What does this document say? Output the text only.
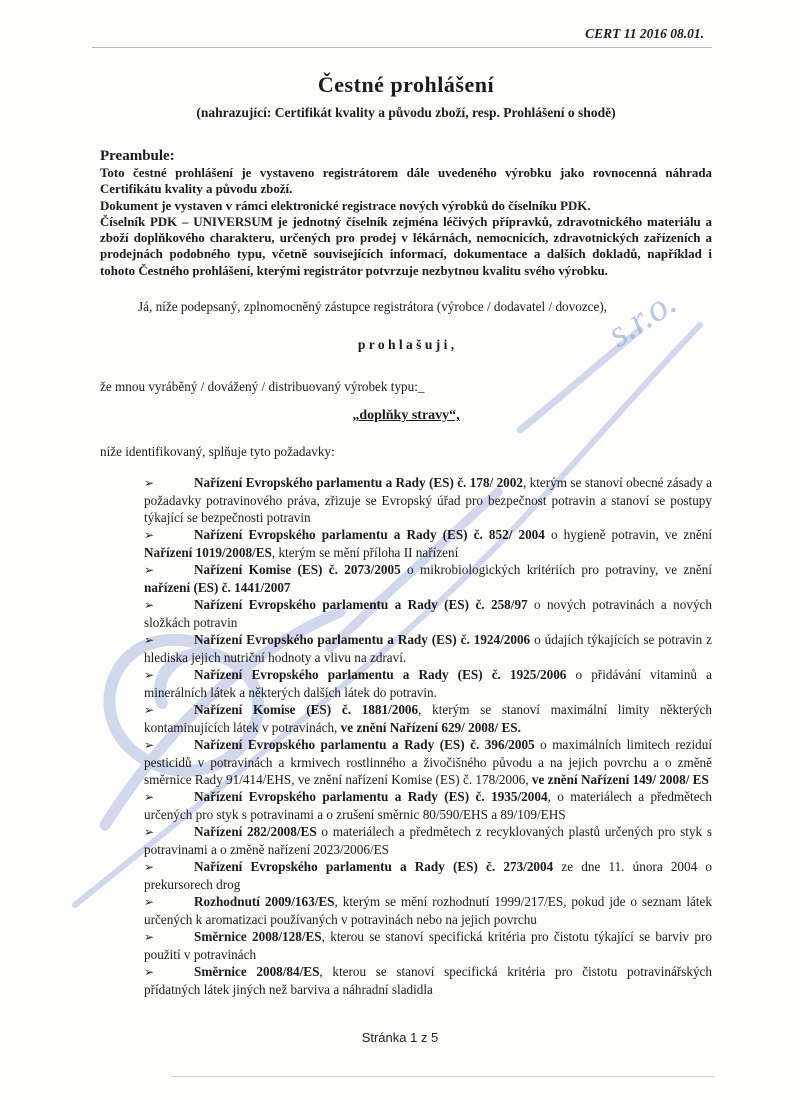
CERT 11 2016 08.01.
Čestné prohlášení
(nahrazující: Certifikát kvality a původu zboží, resp. Prohlášení o shodě)
Preambule:

Toto čestné prohlášení je vystaveno registrátorem dále uvedeného výrobku jako rovnocenná náhrada Certifikátu kvality a původu zboží.

Dokument je vystaven v rámci elektronické registrace nových výrobků do číselníku PDK.

Číselník PDK – UNIVERSUM je jednotný číselník zejména léčivých přípravků, zdravotnického materiálu a zboží doplňkového charakteru, určených pro prodej v lékárnách, nemocnicích, zdravotnických zařízeních a prodejnách podobného typu, včetně souvisejících informací, dokumentace a dalších dokladů, například i tohoto Čestného prohlášení, kterými registrátor potvrzuje nezbytnou kvalitu svého výrobku.

Já, níže podepsaný, zplnomocněný zástupce registrátora (výrobce / dodavatel / dovozce),

p r o h l a š u j i ,

že mnou vyráběný / dovážený / distribuovaný výrobek typu:_

„doplňky stravy“,

níže identifikovaný, splňuje tyto požadavky:

➢	Nařízení Evropského parlamentu a Rady (ES) č. 178/ 2002, kterým se stanoví obecné zásady a požadavky potravinového práva, zřizuje se Evropský úřad pro bezpečnost potravin a stanoví se postupy týkající se bezpečnosti potravin
➢	Nařízení Evropského parlamentu a Rady (ES) č. 852/ 2004 o hygieně potravin, ve znění Nařízení 1019/2008/ES, kterým se mění příloha II nařízení
➢	Nařízení Komise (ES) č. 2073/2005 o mikrobiologických kritériích pro potraviny, ve znění nařízení (ES) č. 1441/2007
➢	Nařízení Evropského parlamentu a Rady (ES) č. 258/97 o nových potravinách a nových složkách potravin
➢	Nařízení Evropského parlamentu a Rady (ES) č. 1924/2006 o údajích týkajících se potravin z hlediska jejich nutriční hodnoty a vlivu na zdraví.
➢	Nařízení Evropského parlamentu a Rady (ES) č. 1925/2006 o přidávání vitaminů a minerálních látek a některých dalších látek do potravin.
➢	Nařízení Komise (ES) č. 1881/2006, kterým se stanoví maximální limity některých kontaminujících látek v potravinách, ve znění Nařízení 629/ 2008/ ES.
➢	Nařízení Evropského parlamentu a Rady (ES) č. 396/2005 o maximálních limitech reziduí pesticidů v potravinách a krmivech rostlinného a živočišného původu a na jejich povrchu a o změně směrnice Rady 91/414/EHS, ve znění nařízení Komise (ES) č. 178/2006, ve znění Nařízení 149/ 2008/ ES
➢	Nařízení Evropského parlamentu a Rady (ES) č. 1935/2004, o materiálech a předmětech určených pro styk s potravinami a o zrušení směrnic 80/590/EHS a 89/109/EHS
➢	Nařízení 282/2008/ES o materiálech a předmětech z recyklovaných plastů určených pro styk s potravinami a o změně nařízení 2023/2006/ES
➢	Nařízení Evropského parlamentu a Rady (ES) č. 273/2004 ze dne 11. února 2004 o prekursorech drog
➢	Rozhodnutí 2009/163/ES, kterým se mění rozhodnutí 1999/217/ES, pokud jde o seznam látek určených k aromatizaci používaných v potravinách nebo na jejich povrchu
➢	Směrnice 2008/128/ES, kterou se stanoví specifická kritéria pro čistotu týkající se barviv pro použití v potravinách
➢	Směrnice 2008/84/ES, kterou se stanoví specifická kritéria pro čistotu potravinářských přídatných látek jiných než barviva a náhradní sladidla
Stránka 1 z 5
s.r.o.
